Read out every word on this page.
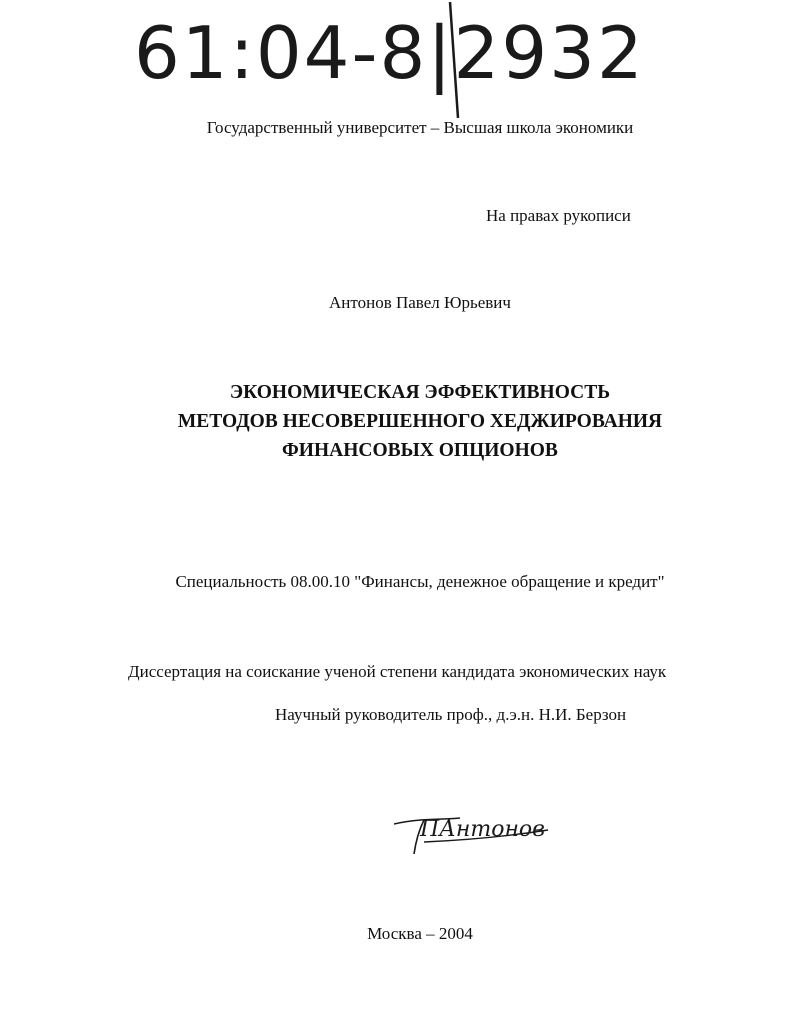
61:04-8|2932
Государственный университет – Высшая школа экономики
На правах рукописи
Антонов Павел Юрьевич
ЭКОНОМИЧЕСКАЯ ЭФФЕКТИВНОСТЬ
МЕТОДОВ НЕСОВЕРШЕННОГО ХЕДЖИРОВАНИЯ
ФИНАНСОВЫХ ОПЦИОНОВ
Специальность 08.00.10 "Финансы, денежное обращение и кредит"
Диссертация на соискание ученой степени кандидата экономических наук
Научный руководитель проф., д.э.н. Н.И. Берзон
ПАнтонов
Москва – 2004
